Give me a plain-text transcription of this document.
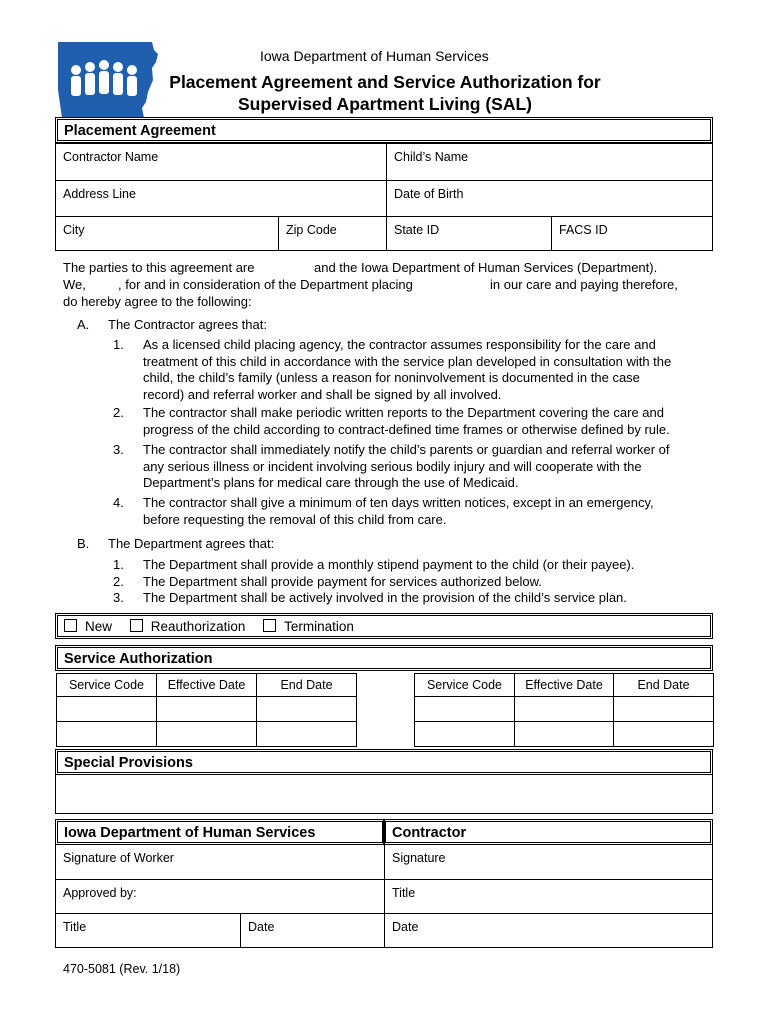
Iowa Department of Human Services
Placement Agreement and Service Authorization for
Supervised Apartment Living (SAL)
Placement Agreement
Contractor Name	Child’s Name
Address Line	Date of Birth
City	Zip Code	State ID	FACS ID
The parties to this agreement are	and the Iowa Department of Human Services (Department).
We, , for and in consideration of the Department placing	in our care and paying therefore,
do hereby agree to the following:
A. The Contractor agrees that:
1. As a licensed child placing agency, the contractor assumes responsibility for the care and
treatment of this child in accordance with the service plan developed in consultation with the
child, the child’s family (unless a reason for noninvolvement is documented in the case
record) and referral worker and shall be signed by all involved.
2. The contractor shall make periodic written reports to the Department covering the care and
progress of the child according to contract-defined time frames or otherwise defined by rule.
3. The contractor shall immediately notify the child’s parents or guardian and referral worker of
any serious illness or incident involving serious bodily injury and will cooperate with the
Department’s plans for medical care through the use of Medicaid.
4. The contractor shall give a minimum of ten days written notices, except in an emergency,
before requesting the removal of this child from care.
B. The Department agrees that:
1. The Department shall provide a monthly stipend payment to the child (or their payee).
2. The Department shall provide payment for services authorized below.
3. The Department shall be actively involved in the provision of the child’s service plan.
New	Reauthorization	Termination
Service Authorization
Service Code	Effective Date	End Date

			Service Code	Effective Date	End Date

Special Provisions
Iowa Department of Human Services	Contractor
Signature of Worker	Signature
Approved by:	Title
Title	Date	Date
470-5081 (Rev. 1/18)
